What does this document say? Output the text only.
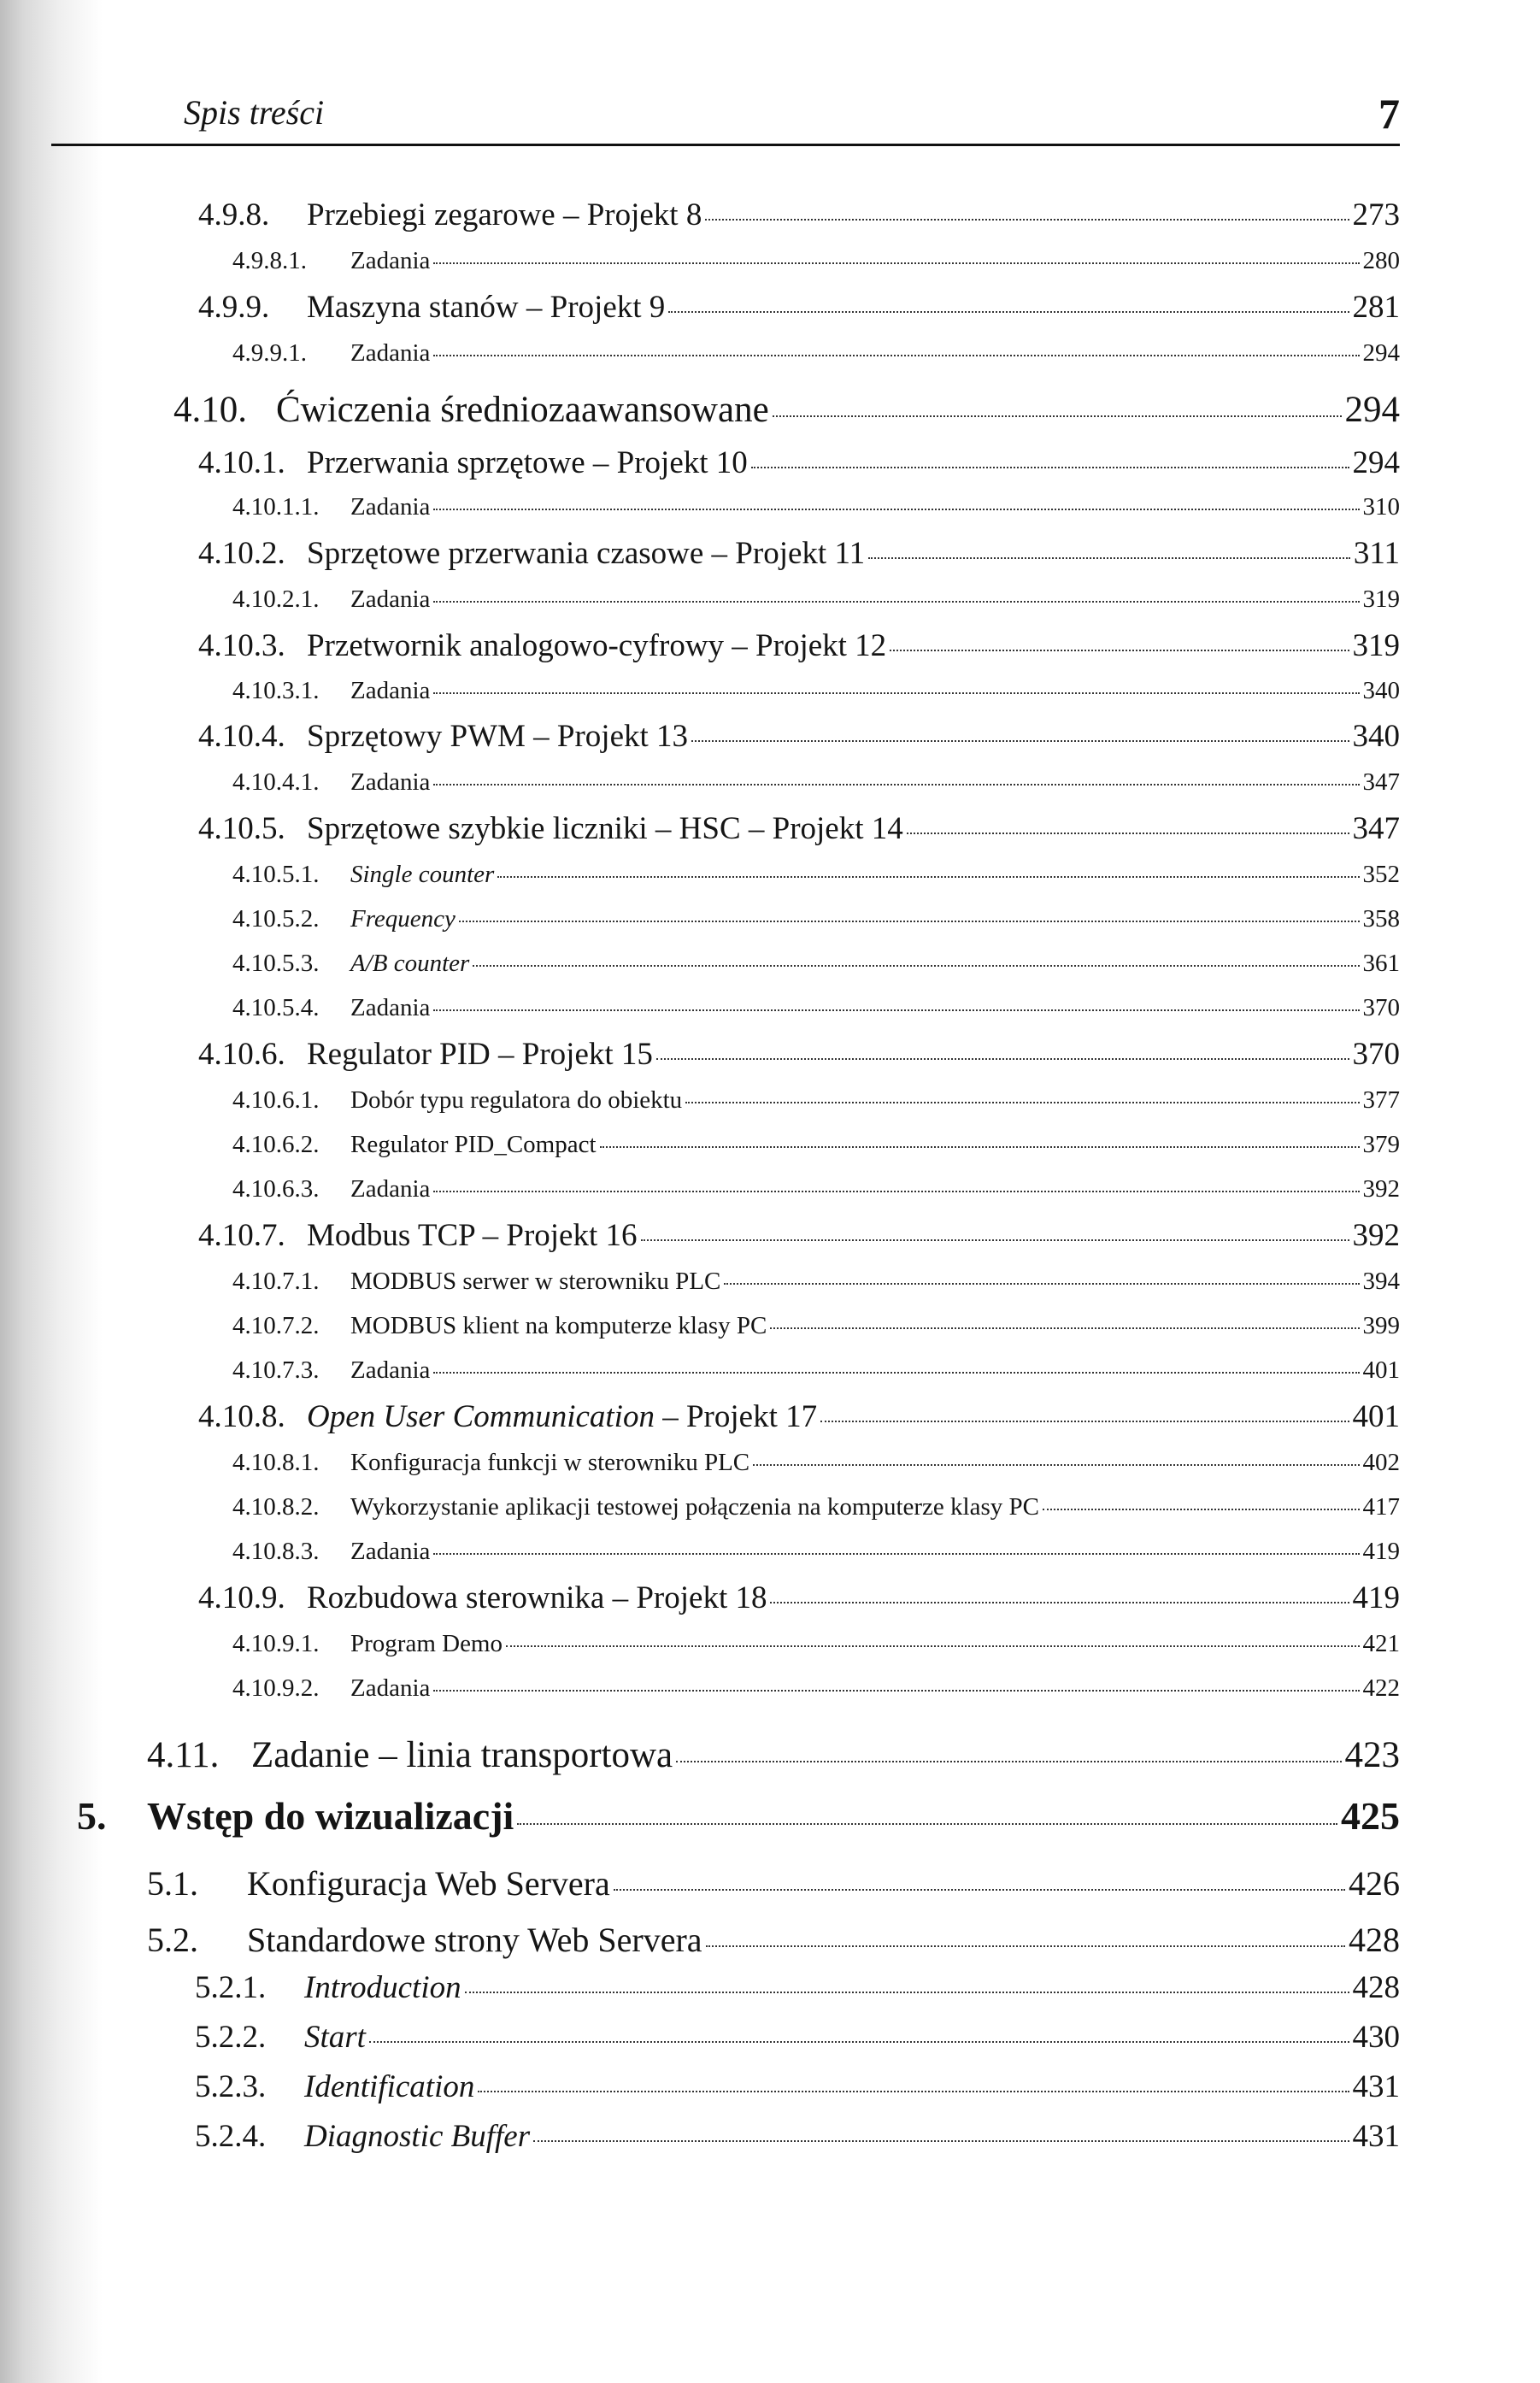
Spis treści	7
4.9.8.	Przebiegi zegarowe – Projekt 8	273
4.9.8.1.	Zadania	280
4.9.9.	Maszyna stanów – Projekt 9	281
4.9.9.1.	Zadania	294
4.10. Ćwiczenia średniozaawansowane	294
4.10.1. Przerwania sprzętowe – Projekt 10	294
4.10.1.1.	Zadania	310
4.10.2. Sprzętowe przerwania czasowe – Projekt 11	311
4.10.2.1.	Zadania	319
4.10.3. Przetwornik analogowo-cyfrowy – Projekt 12	319
4.10.3.1.	Zadania	340
4.10.4. Sprzętowy PWM – Projekt 13	340
4.10.4.1.	Zadania	347
4.10.5. Sprzętowe szybkie liczniki – HSC – Projekt 14	347
4.10.5.1.	Single counter	352
4.10.5.2.	Frequency	358
4.10.5.3.	A/B counter	361
4.10.5.4.	Zadania	370
4.10.6. Regulator PID – Projekt 15	370
4.10.6.1.	Dobór typu regulatora do obiektu	377
4.10.6.2.	Regulator PID_Compact	379
4.10.6.3.	Zadania	392
4.10.7. Modbus TCP – Projekt 16	392
4.10.7.1.	MODBUS serwer w sterowniku PLC	394
4.10.7.2.	MODBUS klient na komputerze klasy PC	399
4.10.7.3.	Zadania	401
4.10.8. Open User Communication – Projekt 17	401
4.10.8.1.	Konfiguracja funkcji w sterowniku PLC	402
4.10.8.2.	Wykorzystanie aplikacji testowej połączenia na komputerze klasy PC	417
4.10.8.3.	Zadania	419
4.10.9. Rozbudowa sterownika – Projekt 18	419
4.10.9.1.	Program Demo	421
4.10.9.2.	Zadania	422
4.11. Zadanie – linia transportowa	423
5.	Wstęp do wizualizacji	425
5.1.	Konfiguracja Web Servera	426
5.2.	Standardowe strony Web Servera	428
5.2.1.	Introduction	428
5.2.2.	Start	430
5.2.3.	Identification	431
5.2.4.	Diagnostic Buffer	431
